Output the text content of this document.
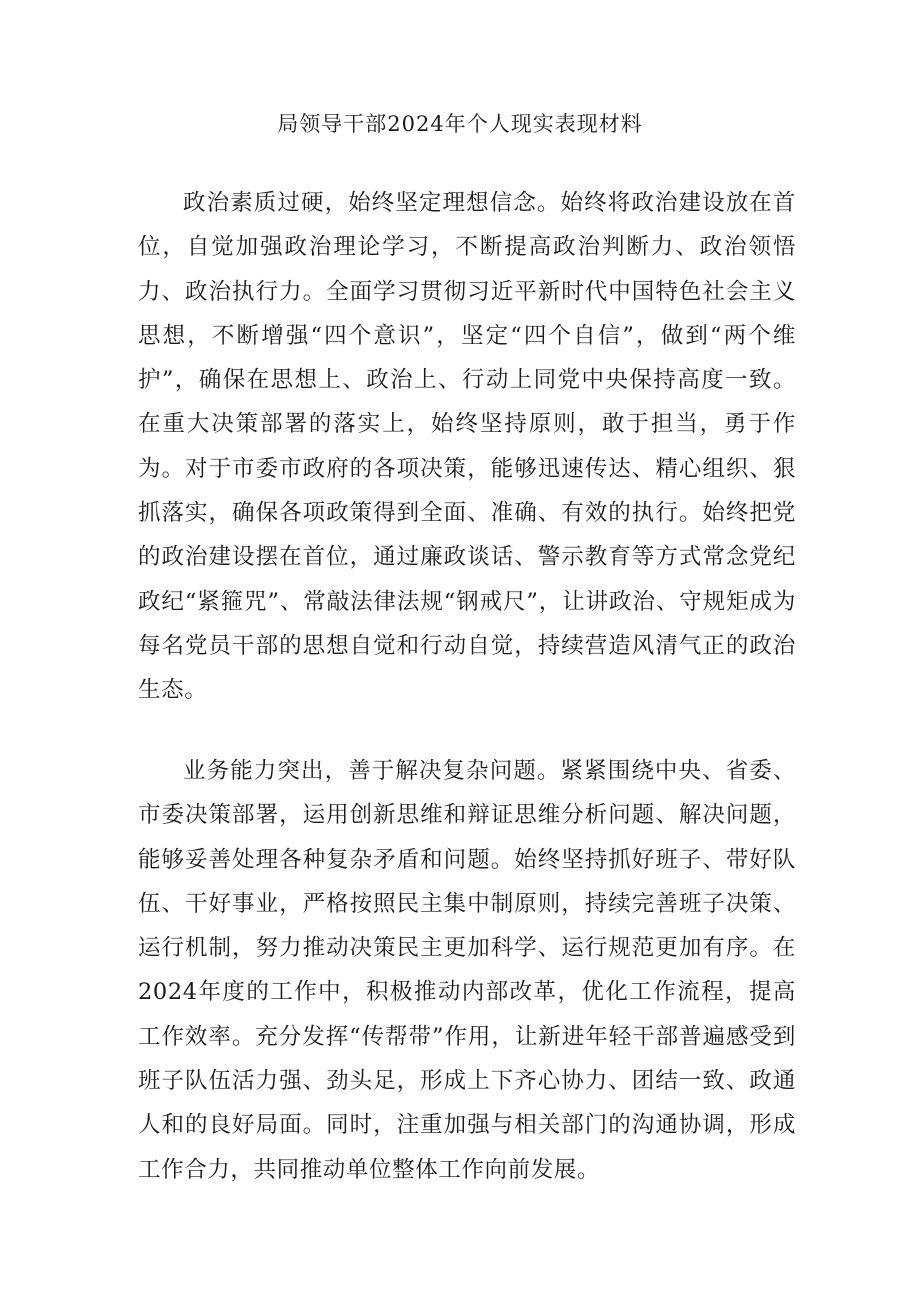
局领导干部2024年个人现实表现材料

政治素质过硬，始终坚定理想信念。始终将政治建设放在首位，自觉加强政治理论学习，不断提高政治判断力、政治领悟力、政治执行力。全面学习贯彻习近平新时代中国特色社会主义思想，不断增强“四个意识”，坚定“四个自信”，做到“两个维护”，确保在思想上、政治上、行动上同党中央保持高度一致。在重大决策部署的落实上，始终坚持原则，敢于担当，勇于作为。对于市委市政府的各项决策，能够迅速传达、精心组织、狠抓落实，确保各项政策得到全面、准确、有效的执行。始终把党的政治建设摆在首位，通过廉政谈话、警示教育等方式常念党纪政纪“紧箍咒”、常敲法律法规“钢戒尺”，让讲政治、守规矩成为每名党员干部的思想自觉和行动自觉，持续营造风清气正的政治生态。

业务能力突出，善于解决复杂问题。紧紧围绕中央、省委、市委决策部署，运用创新思维和辩证思维分析问题、解决问题，能够妥善处理各种复杂矛盾和问题。始终坚持抓好班子、带好队伍、干好事业，严格按照民主集中制原则，持续完善班子决策、运行机制，努力推动决策民主更加科学、运行规范更加有序。在2024年度的工作中，积极推动内部改革，优化工作流程，提高工作效率。充分发挥“传帮带”作用，让新进年轻干部普遍感受到班子队伍活力强、劲头足，形成上下齐心协力、团结一致、政通人和的良好局面。同时，注重加强与相关部门的沟通协调，形成工作合力，共同推动单位整体工作向前发展。
